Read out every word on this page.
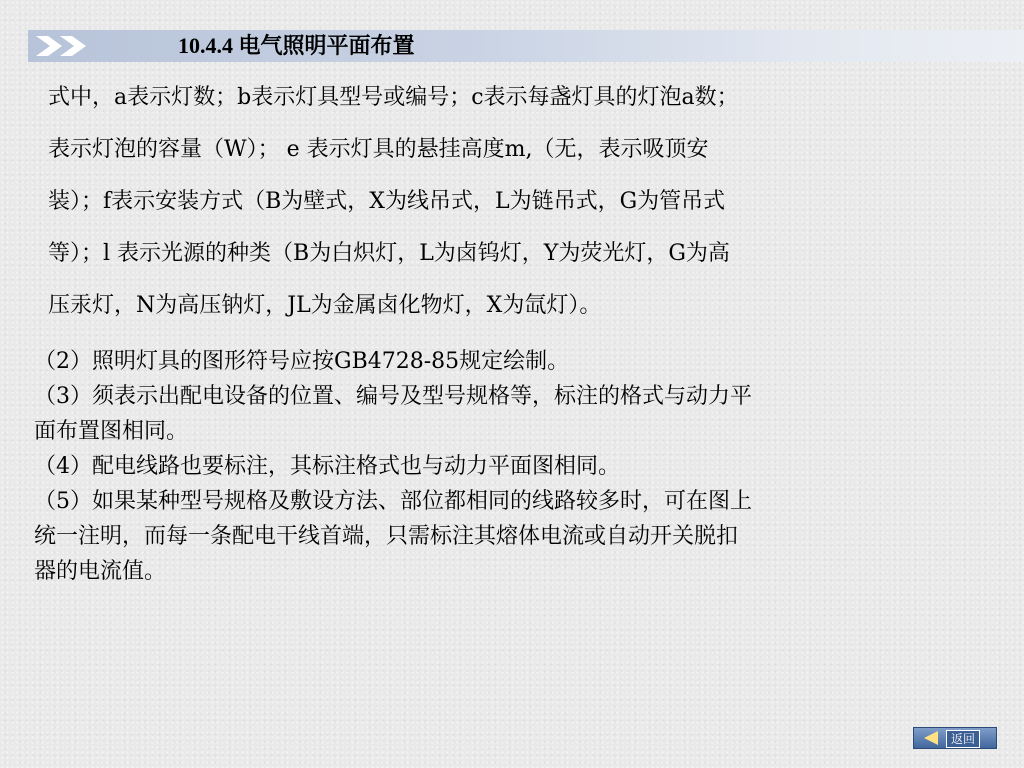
10.4.4 电气照明平面布置
式中，a表示灯数；b表示灯具型号或编号；c表示每盏灯具的灯泡a数；
表示灯泡的容量（W）； e 表示灯具的悬挂高度m,（无，表示吸顶安
装）；f表示安装方式（B为壁式，X为线吊式，L为链吊式，G为管吊式
等）；l 表示光源的种类（B为白炽灯，L为卤钨灯，Y为荧光灯，G为高
压汞灯，N为高压钠灯，JL为金属卤化物灯，X为氙灯）。
（2）照明灯具的图形符号应按GB4728-85规定绘制。
（3）须表示出配电设备的位置、编号及型号规格等，标注的格式与动力平
面布置图相同。
（4）配电线路也要标注，其标注格式也与动力平面图相同。
（5）如果某种型号规格及敷设方法、部位都相同的线路较多时，可在图上
统一注明，而每一条配电干线首端，只需标注其熔体电流或自动开关脱扣
器的电流值。
返回
